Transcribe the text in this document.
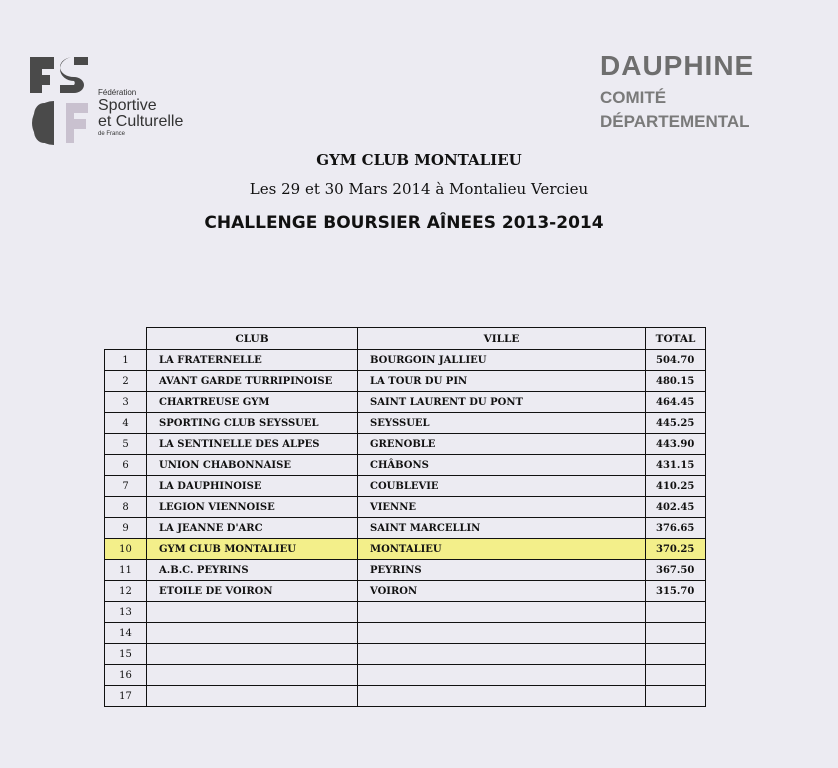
Fédération
Sportive
et Culturelle
de France
DAUPHINE
COMITÉ
DÉPARTEMENTAL
GYM CLUB MONTALIEU
Les 29 et 30 Mars 2014 à Montalieu Vercieu
CHALLENGE BOURSIER AÎNEES 2013-2014
	CLUB	VILLE	TOTAL
1	LA FRATERNELLE	BOURGOIN JALLIEU	504.70
2	AVANT GARDE TURRIPINOISE	LA TOUR DU PIN	480.15
3	CHARTREUSE GYM	SAINT LAURENT DU PONT	464.45
4	SPORTING CLUB SEYSSUEL	SEYSSUEL	445.25
5	LA SENTINELLE DES ALPES	GRENOBLE	443.90
6	UNION CHABONNAISE	CHÂBONS	431.15
7	LA DAUPHINOISE	COUBLEVIE	410.25
8	LEGION VIENNOISE	VIENNE	402.45
9	LA JEANNE D'ARC	SAINT MARCELLIN	376.65
10	GYM CLUB MONTALIEU	MONTALIEU	370.25
11	A.B.C. PEYRINS	PEYRINS	367.50
12	ETOILE DE VOIRON	VOIRON	315.70
13			
14			
15			
16			
17			
